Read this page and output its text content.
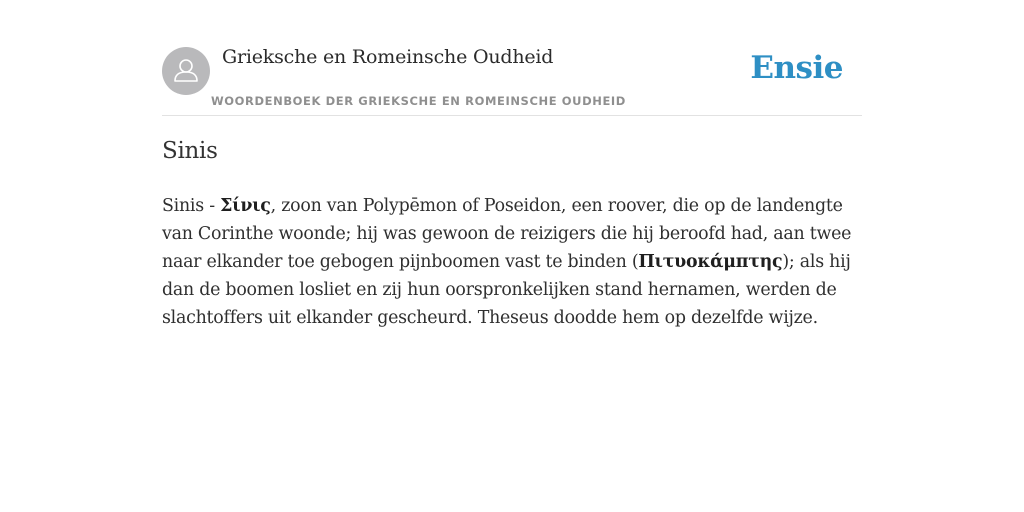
Grieksche en Romeinsche Oudheid
WOORDENBOEK DER GRIEKSCHE EN ROMEINSCHE OUDHEID
Ensie
Sinis

Sinis - Σίνις, zoon van Polypēmon of Poseidon, een roover, die op de landengte van Corinthe woonde; hij was gewoon de reizigers die hij beroofd had, aan twee naar elkander toe gebogen pijnboomen vast te binden (Πιτυοκάμπτης); als hij dan de boomen losliet en zij hun oorspronkelijken stand hernamen, werden de slachtoffers uit elkander gescheurd. Theseus doodde hem op dezelfde wijze.
